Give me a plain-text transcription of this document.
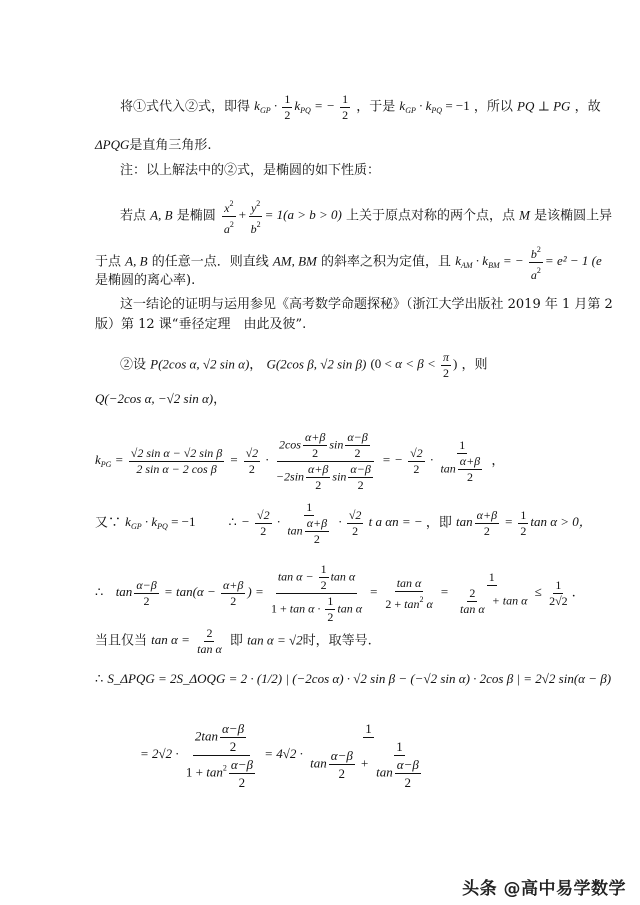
将①式代入②式，即得 $k_{GP} \cdot \frac{1}{2} k_{PQ}$ = − $\frac{1}{2}$ ，于是 $k_{GP} \cdot k_{PQ} = -1$ ，所以 PQ ⊥ PG ，故
ΔPQG是直角三角形.
注：以上解法中的②式，是椭圆的如下性质：
若点 A, B 是椭圆 $\frac{x^2}{a^2} + \frac{y^2}{b^2} = 1(a > b > 0)$ 上关于原点对称的两个点，点 M 是该椭圆上异
于点 A, B 的任意一点．则直线 AM, BM 的斜率之积为定值，且 $k_{AM} \cdot k_{BM}$ = − $\frac{b^2}{a^2} = e^2 - 1$ (e
是椭圆的离心率).
这一结论的证明与运用参见《高考数学命题探秘》（浙江大学出版社 2019 年 1 月第 2
版）第 12 课“垂径定理　由此及彼”.
②设 P(2cos α, √2 sin α)， G(2cos β, √2 sin β) ($0 < \alpha < \beta < \frac{\pi}{2}$ ) ，则
Q(−2cos α, −√2 sin α)，
$k_{PG} = \frac{\text{√2 sin α − √2 sin β}}{\text{2 sin α − 2 cos β}} = \frac{√2}{2} \cdot \frac{2\cos \frac{\alpha+\beta}{2} \sin \frac{\alpha-\beta}{2}}{-2\sin \frac{\alpha+\beta}{2} \sin \frac{\alpha-\beta}{2}}$ = − $\frac{√2}{2} \cdot \frac{1}{\tan \frac{\alpha+\beta}{2}}$ ，
又∵ $k_{GP} \cdot k_{PQ} = -1$	∴ − $\frac{√2}{2} \cdot \frac{1}{\tan \frac{\alpha+\beta}{2}} \cdot \frac{√2}{2}$ t a αn = − ，即 $\tan \frac{\alpha+\beta}{2} = \frac{1}{2}$ tan α > 0，
∴ $\tan \frac{\alpha-\beta}{2} = \tan(\alpha - \frac{\alpha+\beta}{2}$ ) = $\frac{\tan \alpha - \frac{1}{2} \tan \alpha}{1 + \tan \alpha \cdot \frac{1}{2} \tan \alpha} = \frac{\text{tan α}}{2 + \tan^2 \alpha} = \frac{1}{\frac{2}{\text{tan α}} + \tan \alpha} \le \frac{1}{2√2}$ .
当且仅当 $\tan \alpha = \frac{2}{\text{tan α}}$ 即 tan α = √2时，取等号.
∴ S_ΔPQG = 2S_ΔOQG = 2 · (1/2) | (−2cos α) · √2 sin β − (−√2 sin α) · 2cos β | = 2√2 sin(α − β)
= $2√2 \cdot \frac{2\tan \frac{\alpha-\beta}{2}}{1 + \tan^2 \frac{\alpha-\beta}{2}} = 4√2 \cdot \frac{1}{\tan \frac{\alpha-\beta}{2} + \frac{1}{\tan \frac{\alpha-\beta}{2}}}$
头条 @高中易学数学
